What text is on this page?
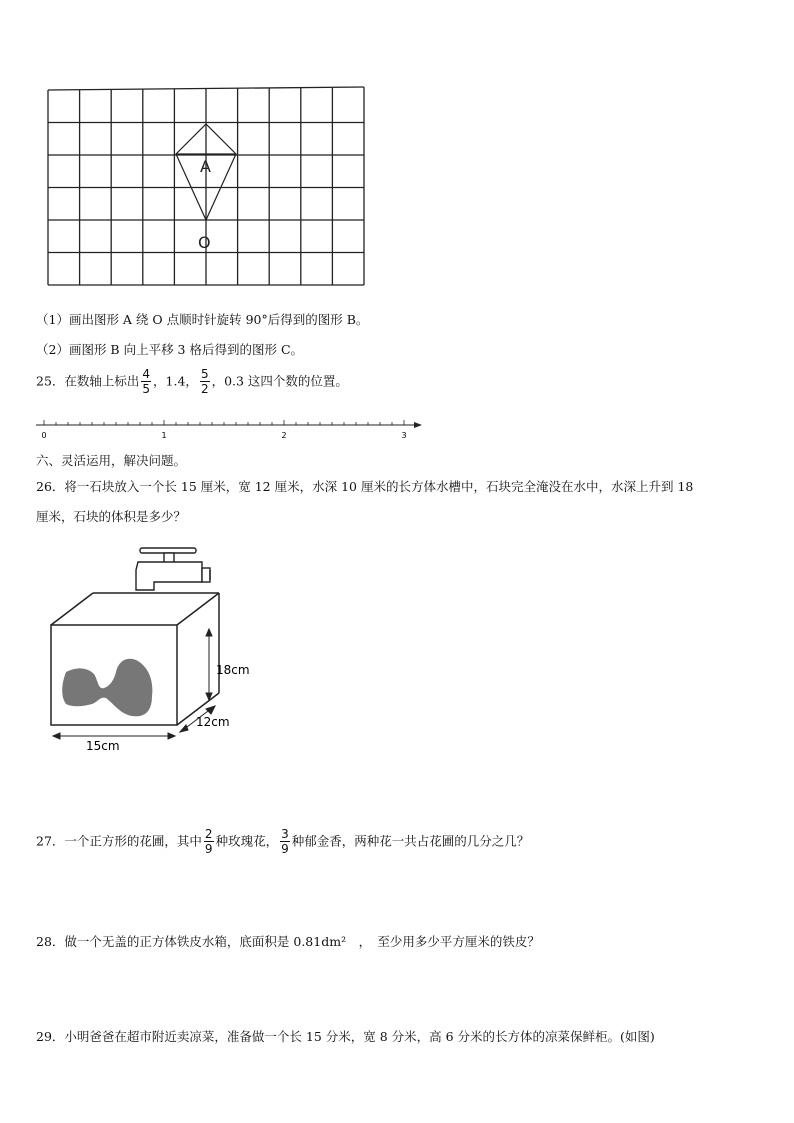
A
O
（1）画出图形 A 绕 O 点顺时针旋转 90°后得到的图形 B。
（2）画图形 B 向上平移 3 格后得到的图形 C。
25．在数轴上标出 $\frac{4}{5}$ ，1.4， $\frac{5}{2}$ ，0.3 这四个数的位置。
0	1	2	3
六、灵活运用，解决问题。
26．将一石块放入一个长 15 厘米，宽 12 厘米，水深 10 厘米的长方体水槽中，石块完全淹没在水中，水深上升到 18
厘米，石块的体积是多少？
18cm
12cm
15cm
27．一个正方形的花圃，其中 $\frac{2}{9}$ 种玫瑰花， $\frac{3}{9}$ 种郁金香，两种花一共占花圃的几分之几？
28．做一个无盖的正方体铁皮水箱，底面积是 0.81dm²　，　至少用多少平方厘米的铁皮？
29．小明爸爸在超市附近卖凉菜，准备做一个长 15 分米，宽 8 分米，高 6 分米的长方体的凉菜保鲜柜。(如图)
